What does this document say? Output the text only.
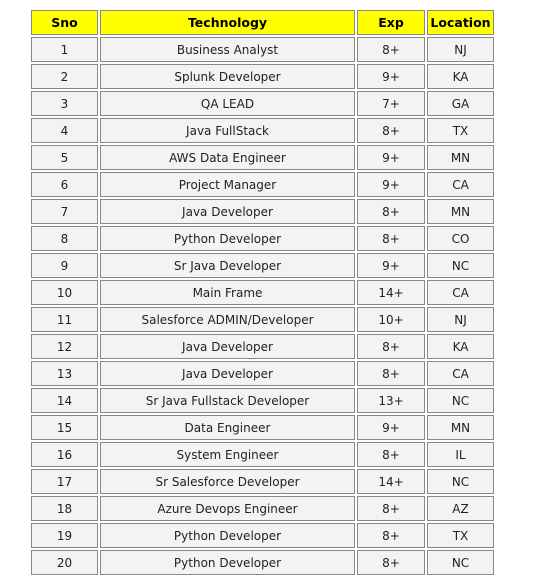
Sno	Technology	Exp	Location
1	Business Analyst	8+	NJ
2	Splunk Developer	9+	KA
3	QA LEAD	7+	GA
4	Java FullStack	8+	TX
5	AWS Data Engineer	9+	MN
6	Project Manager	9+	CA
7	Java Developer	8+	MN
8	Python Developer	8+	CO
9	Sr Java Developer	9+	NC
10	Main Frame	14+	CA
11	Salesforce ADMIN/Developer	10+	NJ
12	Java Developer	8+	KA
13	Java Developer	8+	CA
14	Sr Java Fullstack Developer	13+	NC
15	Data Engineer	9+	MN
16	System Engineer	8+	IL
17	Sr Salesforce Developer	14+	NC
18	Azure Devops Engineer	8+	AZ
19	Python Developer	8+	TX
20	Python Developer	8+	NC
